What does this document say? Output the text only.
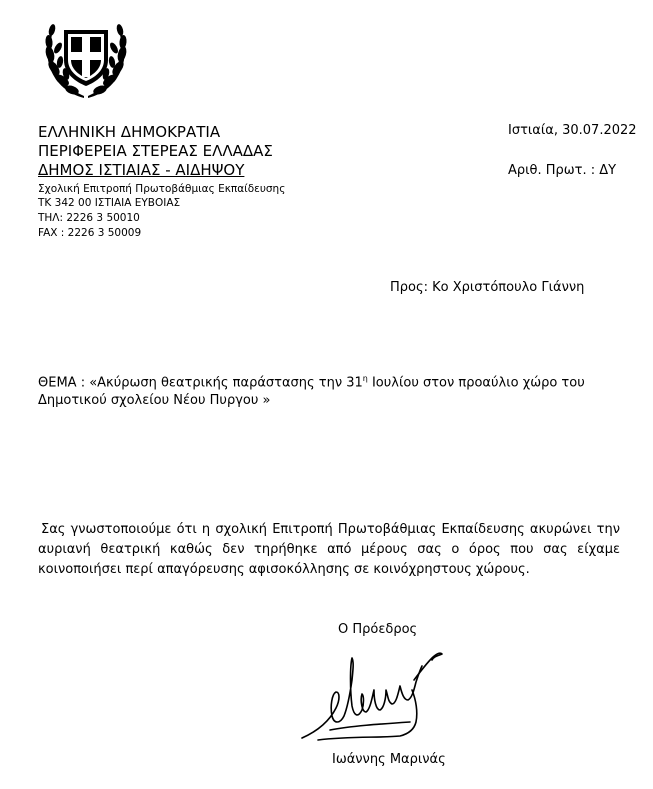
ΕΛΛΗΝΙΚΗ ΔΗΜΟΚΡΑΤΙΑ
ΠΕΡΙΦΕΡΕΙΑ ΣΤΕΡΕΑΣ ΕΛΛΑΔΑΣ
ΔΗΜΟΣ ΙΣΤΙΑΙΑΣ - ΑΙΔΗΨΟΥ
Σχολική Επιτροπή Πρωτοβάθμιας Εκπαίδευσης
ΤΚ 342 00 ΙΣΤΙΑΙΑ ΕΥΒΟΙΑΣ
ΤΗΛ: 2226 3 50010
FAX : 2226 3 50009
Ιστιαία, 30.07.2022
Αριθ. Πρωτ. : ΔΥ
Προς: Κο Χριστόπουλο Γιάννη
ΘΕΜΑ : «Ακύρωση θεατρικής παράστασης την $31^\eta$ Ιουλίου στον προαύλιο χώρο του
Δημοτικού σχολείου Νέου Πυργου »
Σας γνωστοποιούμε ότι η σχολική Επιτροπή Πρωτοβάθμιας Εκπαίδευσης ακυρώνει την αυριανή θεατρική καθώς δεν τηρήθηκε από μέρους σας ο όρος που σας είχαμε κοινοποιήσει περί απαγόρευσης αφισοκόλλησης σε κοινόχρηστους χώρους.
Ο Πρόεδρος
Ιωάννης Μαρινάς
